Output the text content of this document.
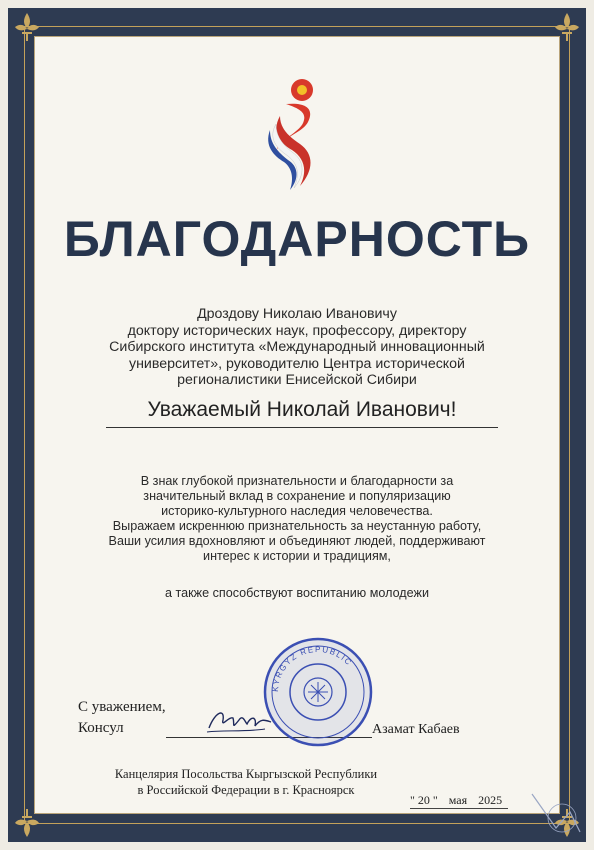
БЛАГОДАРНОСТЬ
Дроздову Николаю Ивановичу
доктору исторических наук, профессору, директору
Сибирского института «Международный инновационный
университет», руководителю Центра исторической
регионалистики Енисейской Сибири
Уважаемый Николай Иванович!
В знак глубокой признательности и благодарности за
значительный вклад в сохранение и популяризацию
историко-культурного наследия человечества.
Выражаем искреннюю признательность за неустанную работу,
Ваши усилия вдохновляют и объединяют людей, поддерживают
интерес к истории и традициям,
а также способствуют воспитанию молодежи
С уважением,
Консул
KYRGYZ REPUBLIC
Азамат Кабаев
Канцелярия Посольства Кыргызской Республики
в Российской Федерации в г. Красноярск
" 20 " мая 2025
